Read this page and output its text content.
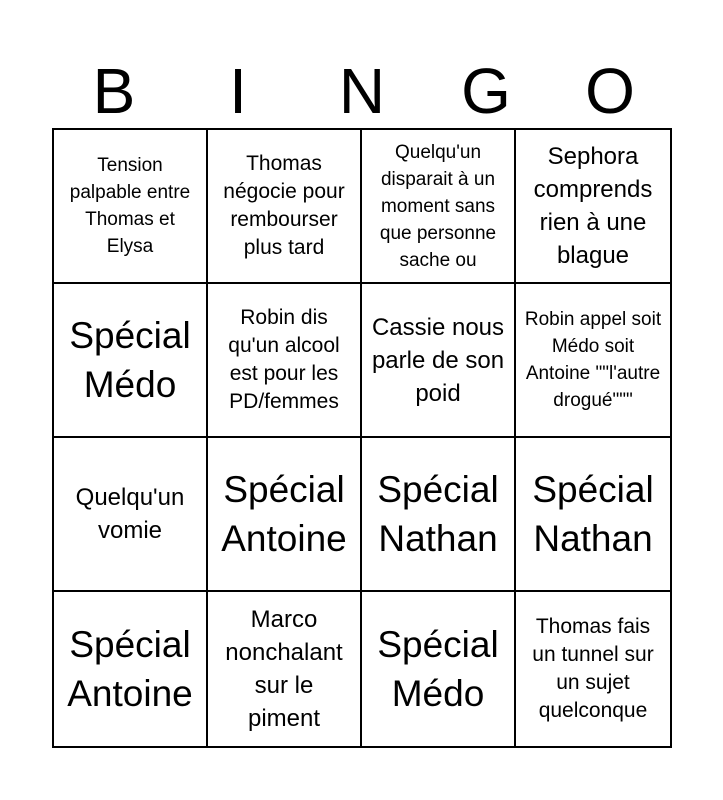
B	I	N	G	O
Tension palpable entre Thomas et Elysa
Thomas négocie pour rembourser plus tard
Quelqu'un disparait à un moment sans que personne sache ou
Sephora comprends rien à une blague
Spécial Médo
Robin dis qu'un alcool est pour les PD/femmes
Cassie nous parle de son poid
Robin appel soit Médo soit Antoine ""l'autre drogué"""
Quelqu'un vomie
Spécial Antoine
Spécial Nathan
Spécial Nathan
Spécial Antoine
Marco nonchalant sur le piment
Spécial Médo
Thomas fais un tunnel sur un sujet quelconque
